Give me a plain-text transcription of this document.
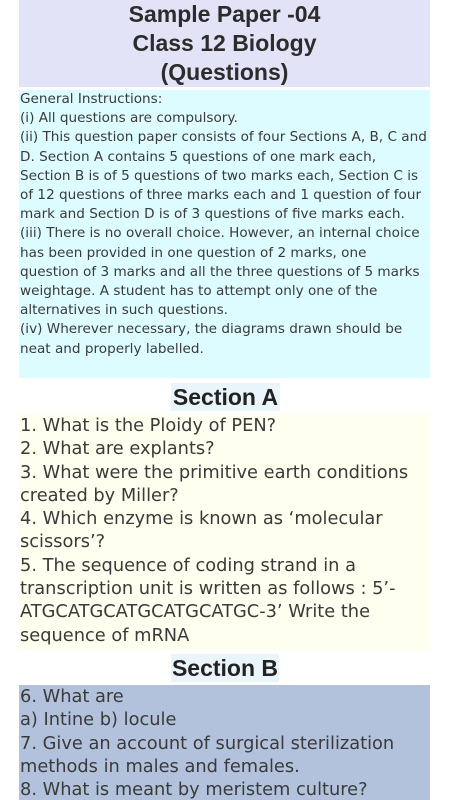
Sample Paper -04
Class 12 Biology
(Questions)
General Instructions:
(i) All questions are compulsory.
(ii) This question paper consists of four Sections A, B, C and D. Section A contains 5 questions of one mark each, Section B is of 5 questions of two marks each, Section C is of 12 questions of three marks each and 1 question of four mark and Section D is of 3 questions of five marks each.
(iii) There is no overall choice. However, an internal choice has been provided in one question of 2 marks, one question of 3 marks and all the three questions of 5 marks weightage. A student has to attempt only one of the alternatives in such questions.
(iv) Wherever necessary, the diagrams drawn should be neat and properly labelled.
Section A
1. What is the Ploidy of PEN?
2. What are explants?
3. What were the primitive earth conditions created by Miller?
4. Which enzyme is known as ‘molecular scissors’?
5. The sequence of coding strand in a transcription unit is written as follows : 5’-ATGCATGCATGCATGCATGC-3’ Write the sequence of mRNA
Section B
6. What are
a) Intine b) locule
7. Give an account of surgical sterilization methods in males and females.
8. What is meant by meristem culture?
